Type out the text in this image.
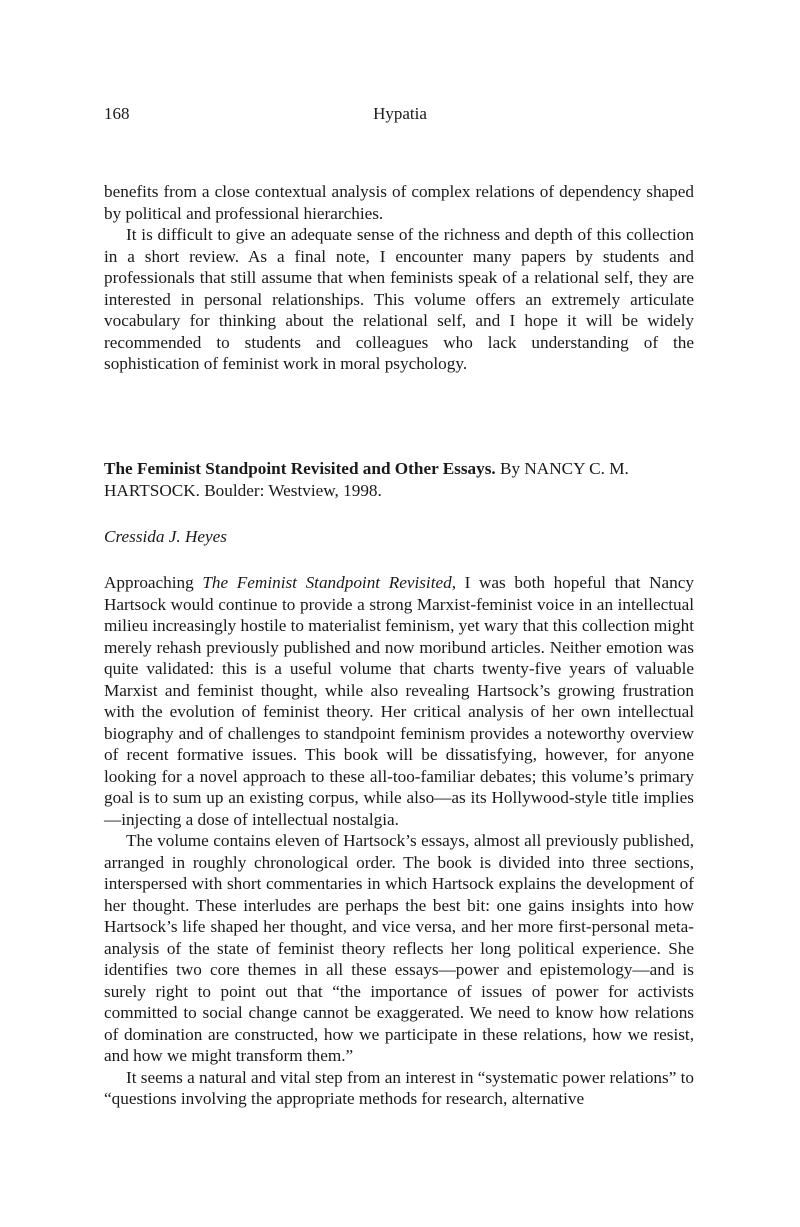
168	Hypatia

benefits from a close contextual analysis of complex relations of dependency shaped by political and professional hierarchies.

It is difficult to give an adequate sense of the richness and depth of this collection in a short review. As a final note, I encounter many papers by students and professionals that still assume that when feminists speak of a relational self, they are interested in personal relationships. This volume offers an extremely articulate vocabulary for thinking about the relational self, and I hope it will be widely recommended to students and colleagues who lack understanding of the sophistication of feminist work in moral psychology.

The Feminist Standpoint Revisited and Other Essays. By NANCY C. M. HARTSOCK. Boulder: Westview, 1998.

Cressida J. Heyes

Approaching The Feminist Standpoint Revisited, I was both hopeful that Nancy Hartsock would continue to provide a strong Marxist-feminist voice in an intellectual milieu increasingly hostile to materialist feminism, yet wary that this collection might merely rehash previously published and now moribund articles. Neither emotion was quite validated: this is a useful volume that charts twenty-five years of valuable Marxist and feminist thought, while also revealing Hartsock’s growing frustration with the evolution of feminist theory. Her critical analysis of her own intellectual biography and of challenges to standpoint feminism provides a noteworthy overview of recent formative issues. This book will be dissatisfying, however, for anyone looking for a novel approach to these all-too-familiar debates; this volume’s primary goal is to sum up an existing corpus, while also—as its Hollywood-style title implies—injecting a dose of intellectual nostalgia.

The volume contains eleven of Hartsock’s essays, almost all previously published, arranged in roughly chronological order. The book is divided into three sections, interspersed with short commentaries in which Hartsock explains the development of her thought. These interludes are perhaps the best bit: one gains insights into how Hartsock’s life shaped her thought, and vice versa, and her more first-personal meta-analysis of the state of feminist theory reflects her long political experience. She identifies two core themes in all these essays—power and epistemology—and is surely right to point out that “the importance of issues of power for activists committed to social change cannot be exaggerated. We need to know how relations of domination are constructed, how we participate in these relations, how we resist, and how we might transform them.”

It seems a natural and vital step from an interest in “systematic power relations” to “questions involving the appropriate methods for research, alternative
